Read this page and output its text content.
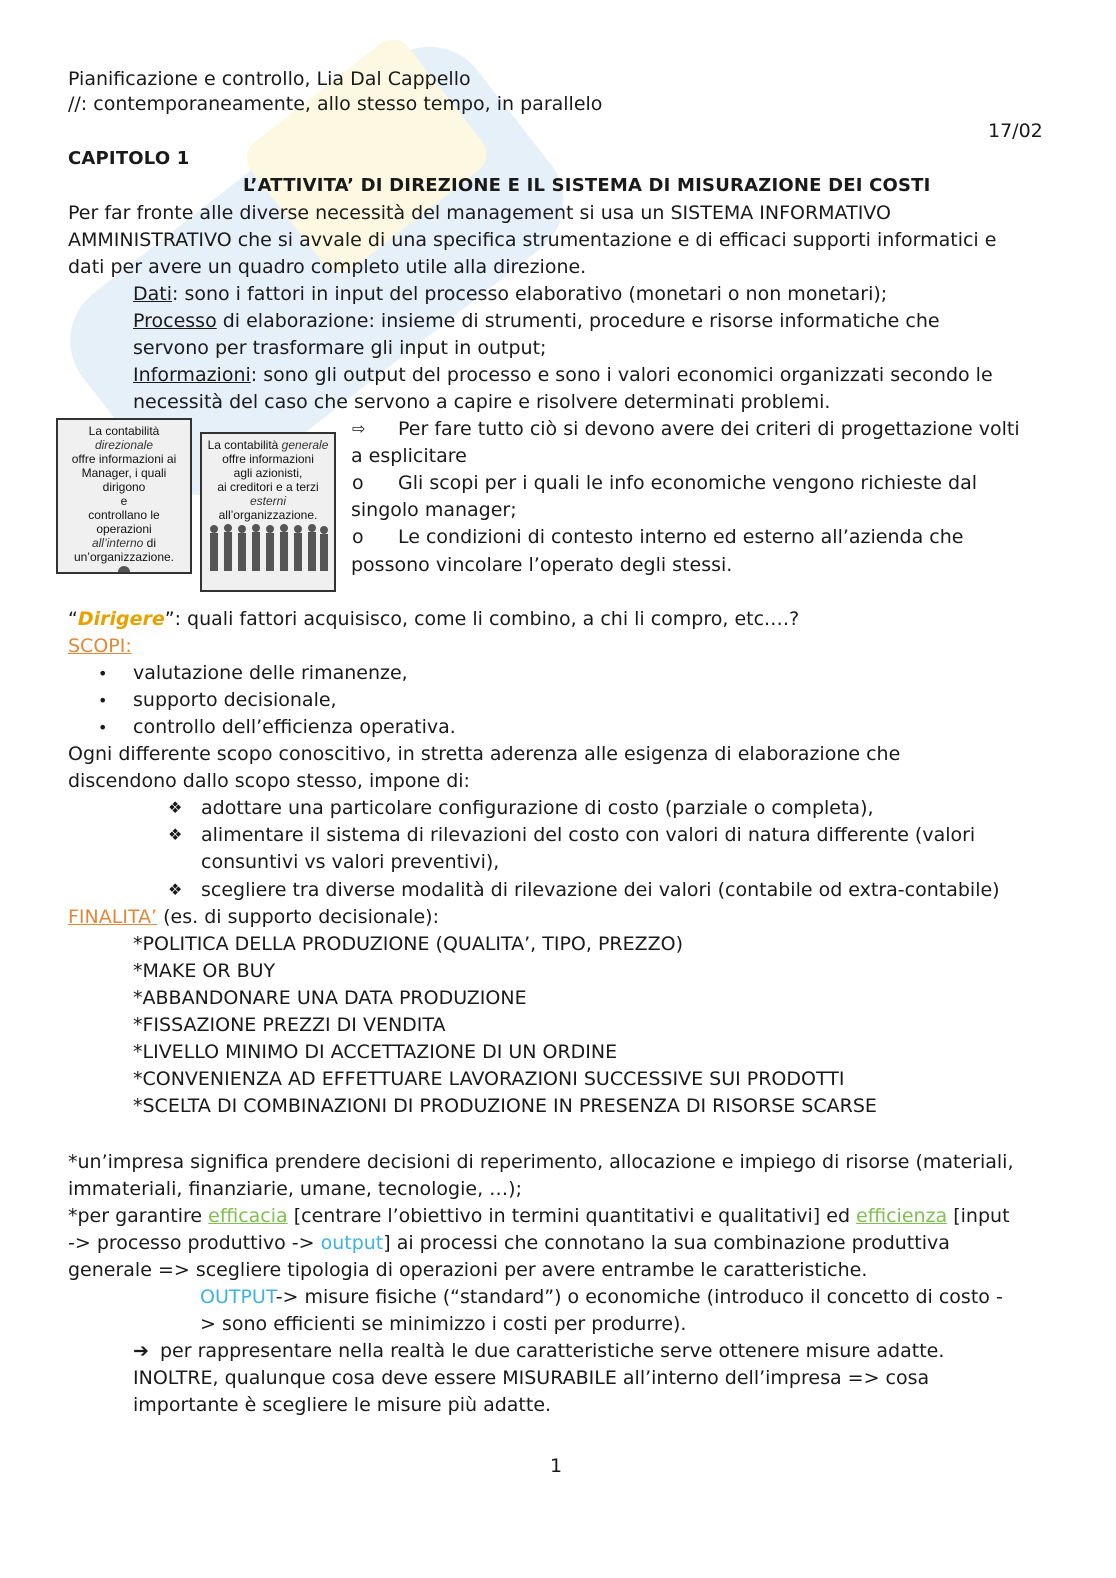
Pianificazione e controllo, Lia Dal Cappello
//: contemporaneamente, allo stesso tempo, in parallelo
17/02
CAPITOLO 1
L’ATTIVITA’ DI DIREZIONE E IL SISTEMA DI MISURAZIONE DEI COSTI
Per far fronte alle diverse necessità del management si usa un SISTEMA INFORMATIVO
AMMINISTRATIVO che si avvale di una specifica strumentazione e di efficaci supporti informatici e
dati per avere un quadro completo utile alla direzione.
Dati: sono i fattori in input del processo elaborativo (monetari o non monetari);
Processo di elaborazione: insieme di strumenti, procedure e risorse informatiche che
servono per trasformare gli input in output;
Informazioni: sono gli output del processo e sono i valori economici organizzati secondo le
necessità del caso che servono a capire e risolvere determinati problemi.
La contabilità direzionale
offre informazioni ai
Manager, i quali dirigono
e
controllano le operazioni
all’interno di
un’organizzazione.
La contabilità generale
offre informazioni
agli azionisti,
ai creditori e a terzi
esterni
all’organizzazione.
⇨ Per fare tutto ciò si devono avere dei criteri di progettazione volti
a esplicitare
o Gli scopi per i quali le info economiche vengono richieste dal
singolo manager;
o Le condizioni di contesto interno ed esterno all’azienda che
possono vincolare l’operato degli stessi.
“Dirigere”: quali fattori acquisisco, come li combino, a chi li compro, etc.…?
SCOPI:
• valutazione delle rimanenze,
• supporto decisionale,
• controllo dell’efficienza operativa.
Ogni differente scopo conoscitivo, in stretta aderenza alle esigenza di elaborazione che
discendono dallo scopo stesso, impone di:
❖ adottare una particolare configurazione di costo (parziale o completa),
❖ alimentare il sistema di rilevazioni del costo con valori di natura differente (valori
consuntivi vs valori preventivi),
❖ scegliere tra diverse modalità di rilevazione dei valori (contabile od extra-contabile)
FINALITA’ (es. di supporto decisionale):
*POLITICA DELLA PRODUZIONE (QUALITA’, TIPO, PREZZO)
*MAKE OR BUY
*ABBANDONARE UNA DATA PRODUZIONE
*FISSAZIONE PREZZI DI VENDITA
*LIVELLO MINIMO DI ACCETTAZIONE DI UN ORDINE
*CONVENIENZA AD EFFETTUARE LAVORAZIONI SUCCESSIVE SUI PRODOTTI
*SCELTA DI COMBINAZIONI DI PRODUZIONE IN PRESENZA DI RISORSE SCARSE
*un’impresa significa prendere decisioni di reperimento, allocazione e impiego di risorse (materiali,
immateriali, finanziarie, umane, tecnologie, …);
*per garantire efficacia [centrare l’obiettivo in termini quantitativi e qualitativi] ed efficienza [input
-> processo produttivo -> output] ai processi che connotano la sua combinazione produttiva
generale => scegliere tipologia di operazioni per avere entrambe le caratteristiche.
OUTPUT-> misure fisiche (“standard”) o economiche (introduco il concetto di costo -
> sono efficienti se minimizzo i costi per produrre).
➔ per rappresentare nella realtà le due caratteristiche serve ottenere misure adatte.
INOLTRE, qualunque cosa deve essere MISURABILE all’interno dell’impresa => cosa
importante è scegliere le misure più adatte.
1
